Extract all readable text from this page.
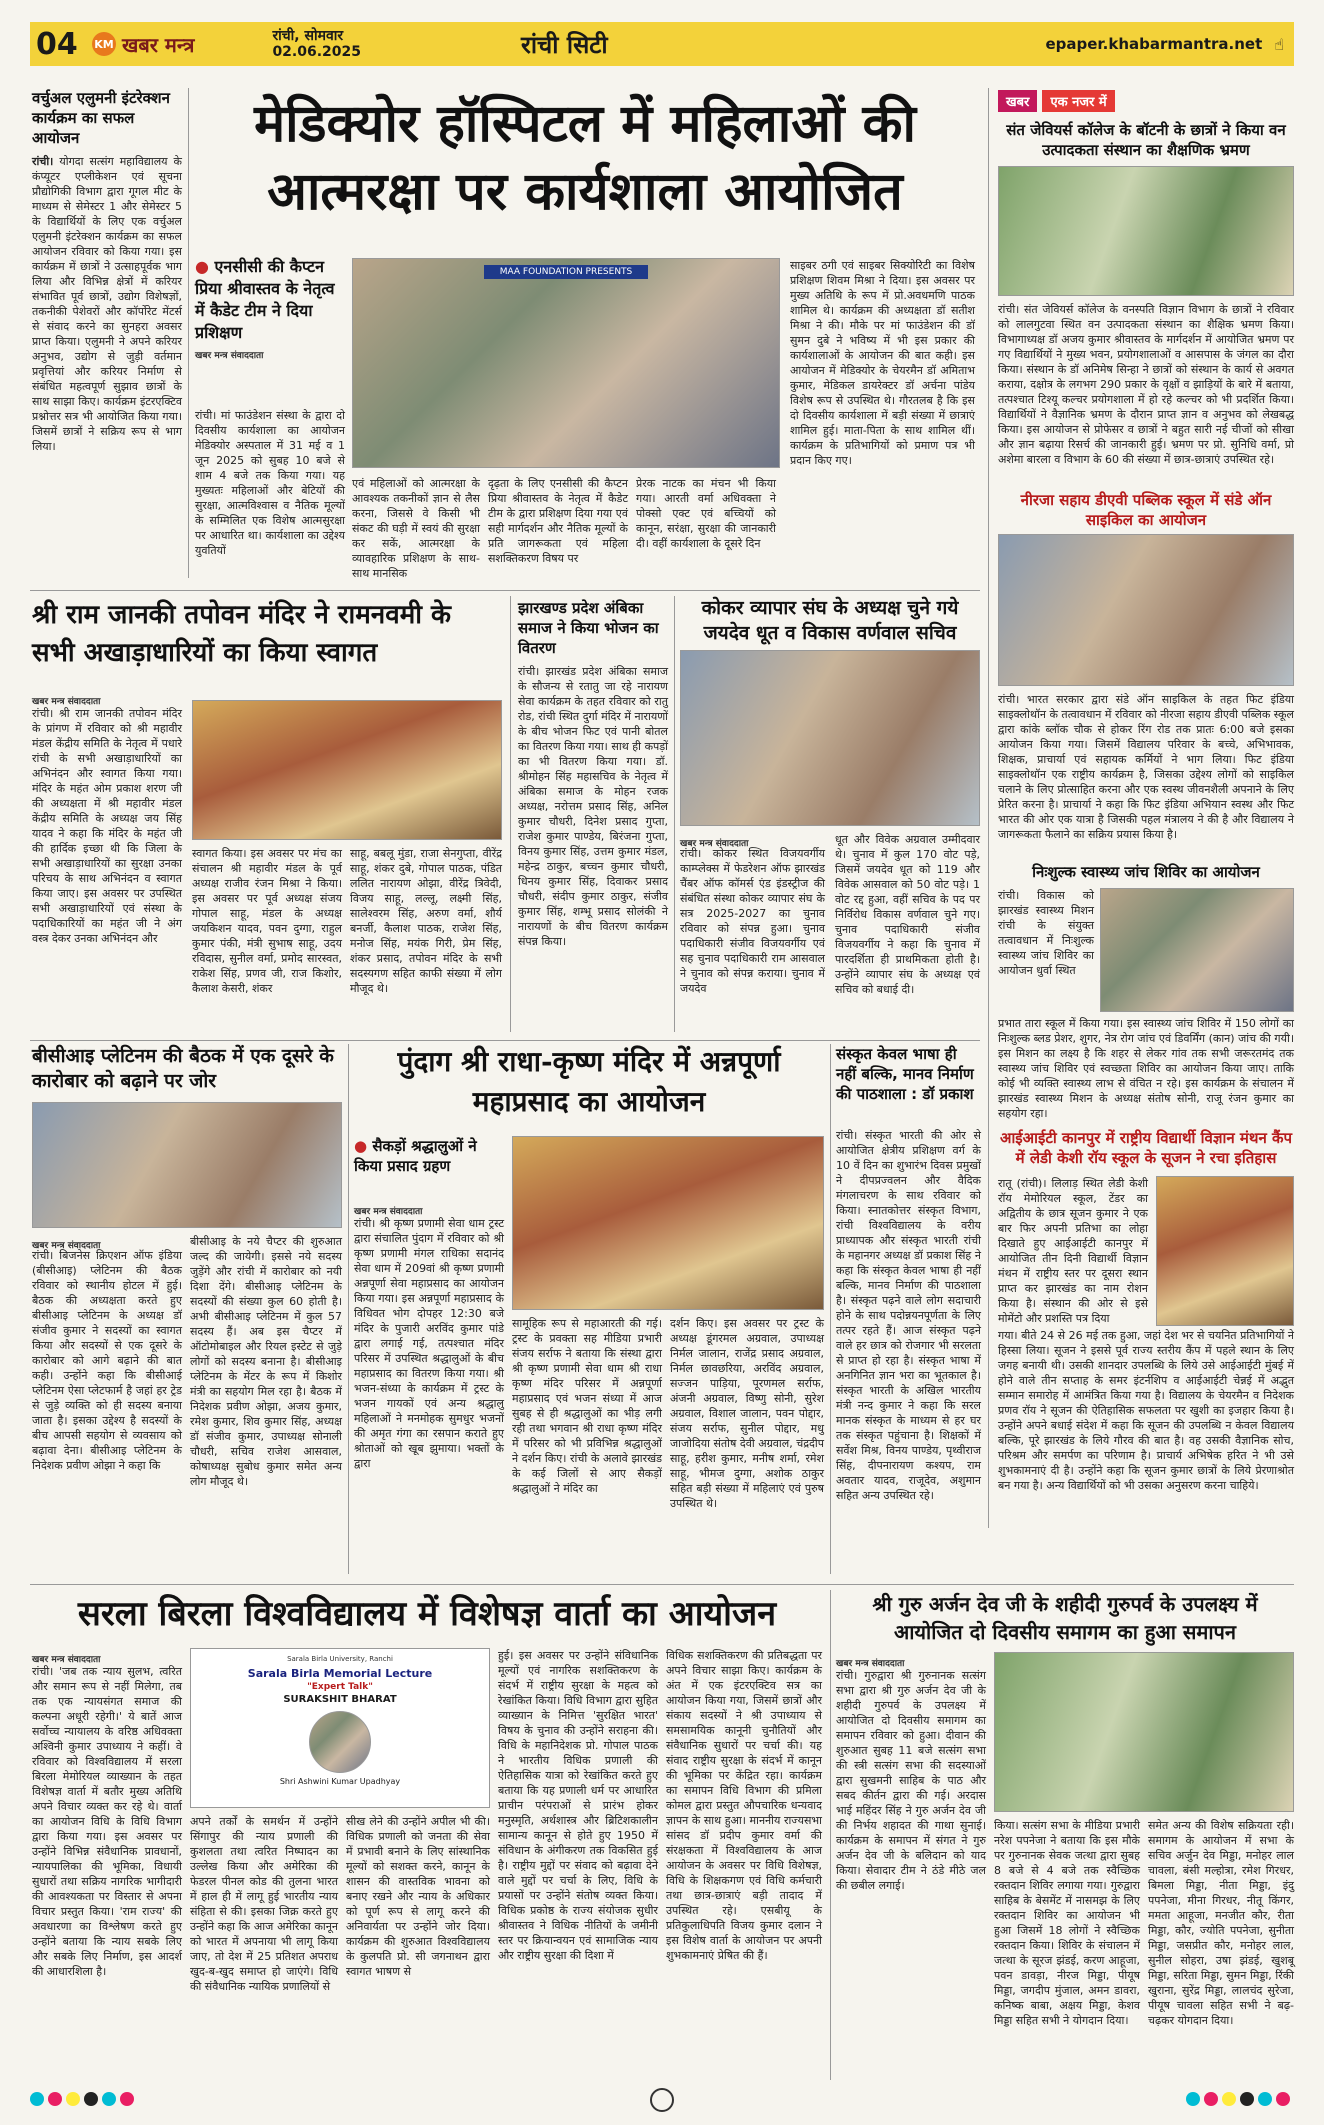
04	KM खबर मन्त्र	रांची, सोमवार
02.06.2025	रांची सिटी	epaper.khabarmantra.net ☝
वर्चुअल एलुमनी इंटरेक्शन कार्यक्रम का सफल आयोजन
रांची। योगदा सत्संग महाविद्यालय के कंप्यूटर एप्लीकेशन एवं सूचना प्रौद्योगिकी विभाग द्वारा गूगल मीट के माध्यम से सेमेस्टर 1 और सेमेस्टर 5 के विद्यार्थियों के लिए एक वर्चुअल एलुमनी इंटरेक्शन कार्यक्रम का सफल आयोजन रविवार को किया गया। इस कार्यक्रम में छात्रों ने उत्साहपूर्वक भाग लिया और विभिन्न क्षेत्रों में करियर संभावित पूर्व छात्रों, उद्योग विशेषज्ञों, तकनीकी पेशेवरों और कॉर्पोरेट मेंटर्स से संवाद करने का सुनहरा अवसर प्राप्त किया। एलुमनी ने अपने करियर अनुभव, उद्योग से जुड़ी वर्तमान प्रवृत्तियां और करियर निर्माण से संबंधित महत्वपूर्ण सुझाव छात्रों के साथ साझा किए। कार्यक्रम इंटरएक्टिव प्रश्नोत्तर सत्र भी आयोजित किया गया। जिसमें छात्रों ने सक्रिय रूप से भाग लिया।
मेडिक्योर हॉस्पिटल में महिलाओं की आत्मरक्षा पर कार्यशाला आयोजित
● एनसीसी की कैप्टन प्रिया श्रीवास्तव के नेतृत्व में कैडेट टीम ने दिया प्रशिक्षण
खबर मन्त्र संवाददाता
MAA FOUNDATION PRESENTS
रांची। मां फाउंडेशन संस्था के द्वारा दो दिवसीय कार्यशाला का आयोजन मेडिक्योर अस्पताल में 31 मई व 1 जून 2025 को सुबह 10 बजे से शाम 4 बजे तक किया गया। यह मुख्यतः महिलाओं और बेटियों की सुरक्षा, आत्मविश्वास व नैतिक मूल्यों के सम्मिलित एक विशेष आत्मसुरक्षा पर आधारित था। कार्यशाला का उद्देश्य युवतियों
एवं महिलाओं को आत्मरक्षा के आवश्यक तकनीकों ज्ञान से लैस करना, जिससे वे किसी भी संकट की घड़ी में स्वयं की सुरक्षा कर सकें, आत्मरक्षा के व्यावहारिक प्रशिक्षण के साथ-साथ मानसिक
दृढ़ता के लिए एनसीसी की कैप्टन प्रिया श्रीवास्तव के नेतृत्व में कैडेट टीम के द्वारा प्रशिक्षण दिया गया एवं सही मार्गदर्शन और नैतिक मूल्यों के प्रति जागरूकता एवं महिला सशक्तिकरण विषय पर
प्रेरक नाटक का मंचन भी किया गया। आरती वर्मा अधिवक्ता ने पोक्सो एक्ट एवं बच्चियों को कानून, सरंक्षा, सुरक्षा की जानकारी दी। वहीं कार्यशाला के दूसरे दिन
साइबर ठगी एवं साइबर सिक्योरिटी का विशेष प्रशिक्षण शिवम मिश्रा ने दिया। इस अवसर पर मुख्य अतिथि के रूप में प्रो.अवधमणि पाठक शामिल थे। कार्यक्रम की अध्यक्षता डॉ सतीश मिश्रा ने की। मौके पर मां फाउंडेशन की डॉ सुमन दुबे ने भविष्य में भी इस प्रकार की कार्यशालाओं के आयोजन की बात कही। इस आयोजन में मेडिक्योर के चेयरमैन डॉ अमिताभ कुमार, मेडिकल डायरेक्टर डॉ अर्चना पांडेय विशेष रूप से उपस्थित थे। गौरतलब है कि इस दो दिवसीय कार्यशाला में बड़ी संख्या में छात्राएं शामिल हुई। माता-पिता के साथ शामिल थीं। कार्यक्रम के प्रतिभागियों को प्रमाण पत्र भी प्रदान किए गए।
खबर एक नजर में
संत जेवियर्स कॉलेज के बॉटनी के छात्रों ने किया वन उत्पादकता संस्थान का शैक्षणिक भ्रमण
रांची। संत जेवियर्स कॉलेज के वनस्पति विज्ञान विभाग के छात्रों ने रविवार को लालगुटवा स्थित वन उत्पादकता संस्थान का शैक्षिक भ्रमण किया। विभागाध्यक्ष डॉ अजय कुमार श्रीवास्तव के मार्गदर्शन में आयोजित भ्रमण पर गए विद्यार्थियों ने मुख्य भवन, प्रयोगशालाओं व आसपास के जंगल का दौरा किया। संस्थान के डॉ अनिमेष सिन्हा ने छात्रों को संस्थान के कार्य से अवगत कराया, दक्षोत्र के लगभग 290 प्रकार के वृक्षों व झाड़ियों के बारे में बताया, तत्पश्चात टिश्यू कल्चर प्रयोगशाला में हो रहे कल्चर को भी प्रदर्शित किया। विद्यार्थियों ने वैज्ञानिक भ्रमण के दौरान प्राप्त ज्ञान व अनुभव को लेखबद्ध किया। इस आयोजन से प्रोफेसर व छात्रों ने बहुत सारी नई चीजों को सीखा और ज्ञान बढ़ाया रिसर्च की जानकारी हुई। भ्रमण पर प्रो. सुनिधि वर्मा, प्रो अशेमा बारला व विभाग के 60 की संख्या में छात्र-छात्राएं उपस्थित रहे।
नीरजा सहाय डीएवी पब्लिक स्कूल में संडे ऑन साइकिल का आयोजन
रांची। भारत सरकार द्वारा संडे ऑन साइकिल के तहत फिट इंडिया साइक्लोथॉन के तत्वावधान में रविवार को नीरजा सहाय डीएवी पब्लिक स्कूल द्वारा कांके ब्लॉक चौक से होकर रिंग रोड तक प्रातः 6:00 बजे इसका आयोजन किया गया। जिसमें विद्यालय परिवार के बच्चे, अभिभावक, शिक्षक, प्राचार्या एवं सहायक कर्मियों ने भाग लिया। फिट इंडिया साइक्लोथॉन एक राष्ट्रीय कार्यक्रम है, जिसका उद्देश्य लोगों को साइकिल चलाने के लिए प्रोत्साहित करना और एक स्वस्थ जीवनशैली अपनाने के लिए प्रेरित करना है। प्राचार्या ने कहा कि फिट इंडिया अभियान स्वस्थ और फिट भारत की ओर एक यात्रा है जिसकी पहल मंत्रालय ने की है और विद्यालय ने जागरूकता फैलाने का सक्रिय प्रयास किया है।
निःशुल्क स्वास्थ्य जांच शिविर का आयोजन
रांची। विकास को झारखंड स्वास्थ्य मिशन रांची के संयुक्त तत्वावधान में निःशुल्क स्वास्थ्य जांच शिविर का आयोजन धुर्वा स्थित
प्रभात तारा स्कूल में किया गया। इस स्वास्थ्य जांच शिविर में 150 लोगों का निःशुल्क ब्लड प्रेशर, शुगर, नेत्र रोग जांच एवं डिवर्मिंग (कान) जांच की गयी। इस मिशन का लक्ष्य है कि शहर से लेकर गांव तक सभी जरूरतमंद तक स्वास्थ्य जांच शिविर एवं स्वच्छता शिविर का आयोजन किया जाए। ताकि कोई भी व्यक्ति स्वास्थ्य लाभ से वंचित न रहे। इस कार्यक्रम के संचालन में झारखंड स्वास्थ्य मिशन के अध्यक्ष संतोष सोनी, राजू रंजन कुमार का सहयोग रहा।
आईआईटी कानपुर में राष्ट्रीय विद्यार्थी विज्ञान मंथन कैंप में लेडी केशी रॉय स्कूल के सूजन ने रचा इतिहास
रातू (रांची)। लिलाड़ स्थित लेडी केशी रॉय मेमोरियल स्कूल, टेंडर का अद्वितीय के छात्र सूजन कुमार ने एक बार फिर अपनी प्रतिभा का लोहा दिखाते हुए आईआईटी कानपुर में आयोजित तीन दिनी विद्यार्थी विज्ञान मंथन में राष्ट्रीय स्तर पर दूसरा स्थान प्राप्त कर झारखंड का नाम रोशन किया है। संस्थान की ओर से इसे मोमेंटो और प्रशस्ति पत्र दिया
गया। बीते 24 से 26 मई तक हुआ, जहां देश भर से चयनित प्रतिभागियों ने हिस्सा लिया। सूजन ने इससे पूर्व राज्य स्तरीय कैंप में पहले स्थान के लिए जगह बनायी थी। उसकी शानदार उपलब्धि के लिये उसे आईआईटी मुंबई में होने वाले तीन सप्ताह के समर इंटर्नशिप व आईआईटी चेन्नई में अद्भुत सम्मान समारोह में आमंत्रित किया गया है। विद्यालय के चेयरमैन व निदेशक प्रणव रॉय ने सूजन की ऐतिहासिक सफलता पर खुशी का इजहार किया है। उन्होंने अपने बधाई संदेश में कहा कि सूजन की उपलब्धि न केवल विद्यालय बल्कि, पूरे झारखंड के लिये गौरव की बात है। वह उसकी वैज्ञानिक सोच, परिश्रम और समर्पण का परिणाम है। प्राचार्य अभिषेक हरित ने भी उसे शुभकामनाएं दी है। उन्होंने कहा कि सूजन कुमार छात्रों के लिये प्रेरणाश्रोत बन गया है। अन्य विद्यार्थियों को भी उसका अनुसरण करना चाहिये।
श्री राम जानकी तपोवन मंदिर ने रामनवमी के सभी अखाड़ाधारियों का किया स्वागत
खबर मन्त्र संवाददाता
रांची। श्री राम जानकी तपोवन मंदिर के प्रांगण में रविवार को श्री महावीर मंडल केंद्रीय समिति के नेतृत्व में पधारे रांची के सभी अखाड़ाधारियों का अभिनंदन और स्वागत किया गया। मंदिर के महंत ओम प्रकाश शरण जी की अध्यक्षता में श्री महावीर मंडल केंद्रीय समिति के अध्यक्ष जय सिंह यादव ने कहा कि मंदिर के महंत जी की हार्दिक इच्छा थी कि जिला के सभी अखाड़ाधारियों का सुरक्षा उनका परिचय के साथ अभिनंदन व स्वागत किया जाए। इस अवसर पर उपस्थित सभी अखाड़ाधारियों एवं संस्था के पदाधिकारियों का महंत जी ने अंग वस्त्र देकर उनका अभिनंदन और
स्वागत किया। इस अवसर पर मंच का संचालन श्री महावीर मंडल के पूर्व अध्यक्ष राजीव रंजन मिश्रा ने किया। इस अवसर पर पूर्व अध्यक्ष संजय गोपाल साहू, मंडल के अध्यक्ष जयकिशन यादव, पवन दुग्गा, राहुल कुमार पंकी, मंत्री सुभाष साहू, उदय रविदास, सुनील वर्मा, प्रमोद सारस्वत, राकेश सिंह, प्रणव जी, राज किशोर, कैलाश केसरी, शंकर
साहू, बबलू मुंडा, राजा सेनगुप्ता, वीरेंद्र साहू, शंकर दुबे, गोपाल पाठक, पंडित ललित नारायण ओझा, वीरेंद्र त्रिवेदी, विजय साहू, लल्लू, लक्ष्मी सिंह, सालेश्वरम सिंह, अरुण वर्मा, शौर्य बनर्जी, कैलाश पाठक, राजेश सिंह, मनोज सिंह, मयंक गिरी, प्रेम सिंह, शंकर प्रसाद, तपोवन मंदिर के सभी सदस्यगण सहित काफी संख्या में लोग मौजूद थे।
झारखण्ड प्रदेश अंबिका समाज ने किया भोजन का वितरण
रांची। झारखंड प्रदेश अंबिका समाज के सौजन्य से रतातु जा रहे नारायण सेवा कार्यक्रम के तहत रविवार को रातु रोड, रांची स्थित दुर्गा मंदिर में नारायणों के बीच भोजन फिट एवं पानी बोतल का वितरण किया गया। साथ ही कपड़ों का भी वितरण किया गया। डॉ. श्रीमोहन सिंह महासचिव के नेतृत्व में अंबिका समाज के मोहन रजक अध्यक्ष, नरोत्तम प्रसाद सिंह, अनिल कुमार चौधरी, दिनेश प्रसाद गुप्ता, राजेश कुमार पाण्डेय, बिरंजना गुप्ता, विनय कुमार सिंह, उत्तम कुमार मंडल, महेन्द्र ठाकुर, बच्चन कुमार चौधरी, धिनय कुमार सिंह, दिवाकर प्रसाद चौधरी, संदीप कुमार ठाकुर, संजीव कुमार सिंह, शम्भू प्रसाद सोलंकी ने नारायणों के बीच वितरण कार्यक्रम संपन्न किया।
कोकर व्यापार संघ के अध्यक्ष चुने गये जयदेव धूत व विकास वर्णवाल सचिव
खबर मन्त्र संवाददाता
रांची। कोकर स्थित विजयवर्गीय काम्प्लेक्स में फेडरेशन ऑफ झारखंड चैंबर ऑफ कॉमर्स एंड इंडस्ट्रीज की संबंधित संस्था कोकर व्यापार संघ के सत्र 2025-2027 का चुनाव रविवार को संपन्न हुआ। चुनाव पदाधिकारी संजीव विजयवर्गीय एवं सह चुनाव पदाधिकारी राम आसवाल ने चुनाव को संपन्न कराया। चुनाव में जयदेव
धूत और विवेक अग्रवाल उम्मीदवार थे। चुनाव में कुल 170 वोट पड़े, जिसमें जयदेव धूत को 119 और विवेक आसवाल को 50 वोट पड़े। 1 वोट रद्द हुआ, वहीं सचिव के पद पर निर्विरोध विकास वर्णवाल चुने गए। चुनाव पदाधिकारी संजीव विजयवर्गीय ने कहा कि चुनाव में पारदर्शिता ही प्राथमिकता होती है। उन्होंने व्यापार संघ के अध्यक्ष एवं सचिव को बधाई दी।
बीसीआइ प्लेटिनम की बैठक में एक दूसरे के कारोबार को बढ़ाने पर जोर
खबर मन्त्र संवाददाता
रांची। बिजनेस क्रिएशन ऑफ इंडिया (बीसीआइ) प्लेटिनम की बैठक रविवार को स्थानीय होटल में हुई। बैठक की अध्यक्षता करते हुए बीसीआइ प्लेटिनम के अध्यक्ष डॉ संजीव कुमार ने सदस्यों का स्वागत किया और सदस्यों से एक दूसरे के कारोबार को आगे बढ़ाने की बात कही। उन्होंने कहा कि बीसीआई प्लेटिनम ऐसा प्लेटफार्म है जहां हर ट्रेड से जुड़े व्यक्ति को ही सदस्य बनाया जाता है। इसका उद्देश्य है सदस्यों के बीच आपसी सहयोग से व्यवसाय को बढ़ावा देना। बीसीआइ प्लेटिनम के निदेशक प्रवीण ओझा ने कहा कि
बीसीआइ के नये चैप्टर की शुरुआत जल्द की जायेगी। इससे नये सदस्य जुड़ेंगे और रांची में कारोबार को नयी दिशा देंगे। बीसीआइ प्लेटिनम के सदस्यों की संख्या कुल 60 होती है। अभी बीसीआइ प्लेटिनम में कुल 57 सदस्य हैं। अब इस चैप्टर में ऑटोमोबाइल और रियल इस्टेट से जुड़े लोगों को सदस्य बनाना है। बीसीआइ प्लेटिनम के मेंटर के रूप में किशोर मंत्री का सहयोग मिल रहा है। बैठक में निदेशक प्रवीण ओझा, अजय कुमार, रमेश कुमार, शिव कुमार सिंह, अध्यक्ष डॉ संजीव कुमार, उपाध्यक्ष सोनाली चौधरी, सचिव राजेश आसवाल, कोषाध्यक्ष सुबोध कुमार समेत अन्य लोग मौजूद थे।
पुंदाग श्री राधा-कृष्ण मंदिर में अन्नपूर्णा महाप्रसाद का आयोजन
● सैकड़ों श्रद्धालुओं ने किया प्रसाद ग्रहण
खबर मन्त्र संवाददाता
रांची। श्री कृष्ण प्रणामी सेवा धाम ट्रस्ट द्वारा संचालित पुंदाग में रविवार को श्री कृष्ण प्रणामी मंगल राधिका सदानंद सेवा धाम में 209वां श्री कृष्ण प्रणामी अन्नपूर्णा सेवा महाप्रसाद का आयोजन किया गया। इस अन्नपूर्णा महाप्रसाद के विधिवत भोग दोपहर 12:30 बजे मंदिर के पुजारी अरविंद कुमार पांडे द्वारा लगाई गई, तत्पश्चात मंदिर परिसर में उपस्थित श्रद्धालुओं के बीच महाप्रसाद का वितरण किया गया। श्री भजन-संध्या के कार्यक्रम में ट्रस्ट के भजन गायकों एवं अन्य श्रद्धालु महिलाओं ने मनमोहक सुमधुर भजनों की अमृत गंगा का रसपान कराते हुए श्रोताओं को खूब झुमाया। भक्तों के द्वारा
सामूहिक रूप से महाआरती की गई। ट्रस्ट के प्रवक्ता सह मीडिया प्रभारी संजय सर्राफ ने बताया कि संस्था द्वारा श्री कृष्ण प्रणामी सेवा धाम श्री राधा कृष्ण मंदिर परिसर में अन्नपूर्णा महाप्रसाद एवं भजन संध्या में आज सुबह से ही श्रद्धालुओं का भीड़ लगी रही तथा भगवान श्री राधा कृष्ण मंदिर में परिसर को भी प्रविभिन्न श्रद्धालुओं ने दर्शन किए। रांची के अलावे झारखंड के कई जिलों से आए सैकड़ों श्रद्धालुओं ने मंदिर का
दर्शन किए। इस अवसर पर ट्रस्ट के अध्यक्ष डूंगरमल अग्रवाल, उपाध्यक्ष निर्मल जालान, राजेंद्र प्रसाद अग्रवाल, निर्मल छावछरिया, अरविंद अग्रवाल, सज्जन पाड़िया, पूरणमल सर्राफ, अंजनी अग्रवाल, विष्णु सोनी, सुरेश अग्रवाल, विशाल जालान, पवन पोद्दार, संजय सर्राफ, सुनील पोद्दार, मधु जाजोदिया संतोष देवी अग्रवाल, चंद्रदीप साहू, हरीश कुमार, मनीष शर्मा, रमेश साहू, भीमज दुग्गा, अशोक ठाकुर सहित बड़ी संख्या में महिलाएं एवं पुरुष उपस्थित थे।
संस्कृत केवल भाषा ही नहीं बल्कि, मानव निर्माण की पाठशाला : डॉ प्रकाश
रांची। संस्कृत भारती की ओर से आयोजित क्षेत्रीय प्रशिक्षण वर्ग के 10 वें दिन का शुभारंभ दिवस प्रमुखों ने दीपप्रज्वलन और वैदिक मंगलाचरण के साथ रविवार को किया। स्नातकोत्तर संस्कृत विभाग, रांची विश्वविद्यालय के वरीय प्राध्यापक और संस्कृत भारती रांची के महानगर अध्यक्ष डॉ प्रकाश सिंह ने कहा कि संस्कृत केवल भाषा ही नहीं बल्कि, मानव निर्माण की पाठशाला है। संस्कृत पढ़ने वाले लोग सदाचारी होने के साथ पदोन्नयनपूर्णता के लिए तत्पर रहते हैं। आज संस्कृत पढ़ने वाले हर छात्र को रोजगार भी सरलता से प्राप्त हो रहा है। संस्कृत भाषा में अनगिनित ज्ञान भरा का भूतकाल है। संस्कृत भारती के अखिल भारतीय मंत्री नन्द कुमार ने कहा कि सरल मानक संस्कृत के माध्यम से हर घर तक संस्कृत पहुंचाना है। शिक्षकों में सर्वेश मिश्र, विनय पाण्डेय, पृथ्वीराज सिंह, दीपनारायण कश्यप, राम अवतार यादव, राजूदेव, अशुमान सहित अन्य उपस्थित रहे।
सरला बिरला विश्वविद्यालय में विशेषज्ञ वार्ता का आयोजन
खबर मन्त्र संवाददाता
रांची। 'जब तक न्याय सुलभ, त्वरित और समान रूप से नहीं मिलेगा, तब तक एक न्यायसंगत समाज की कल्पना अधूरी रहेगी।' ये बातें आज सर्वोच्च न्यायालय के वरिष्ठ अधिवक्ता अश्विनी कुमार उपाध्याय ने कहीं। वे रविवार को विश्वविद्यालय में सरला बिरला मेमोरियल व्याख्यान के तहत विशेषज्ञ वार्ता में बतौर मुख्य अतिथि अपने विचार व्यक्त कर रहे थे। वार्ता का आयोजन विधि के विधि विभाग द्वारा किया गया। इस अवसर पर उन्होंने विभिन्न संवैधानिक प्रावधानों, न्यायपालिका की भूमिका, विधायी सुधारों तथा सक्रिय नागरिक भागीदारी की आवश्यकता पर विस्तार से अपना विचार प्रस्तुत किया। 'राम राज्य' की अवधारणा का विश्लेषण करते हुए उन्होंने बताया कि न्याय सबके लिए और सबके लिए निर्माण, इस आदर्श की आधारशिला है।
Sarala Birla University, Ranchi
Sarala Birla Memorial Lecture
"Expert Talk"
SURAKSHIT BHARAT
Shri Ashwini Kumar Upadhyay
अपने तर्कों के समर्थन में उन्होंने सिंगापुर की न्याय प्रणाली की कुशलता तथा त्वरित निष्पादन का उल्लेख किया और अमेरिका की फेडरल पीनल कोड की तुलना भारत में हाल ही में लागू हुई भारतीय न्याय संहिता से की। इसका जिक्र करते हुए उन्होंने कहा कि आज अमेरिका कानून को भारत में अपनाया भी लागू किया जाए, तो देश में 25 प्रतिशत अपराध खुद-ब-खुद समाप्त हो जाएंगे। विधि की संवैधानिक न्यायिक प्रणालियों से
सीख लेने की उन्होंने अपील भी की। विधिक प्रणाली को जनता की सेवा में प्रभावी बनाने के लिए सांस्थानिक मूल्यों को सशक्त करने, कानून के शासन की वास्तविक भावना को बनाए रखने और न्याय के अधिकार को पूर्ण रूप से लागू करने की अनिवार्यता पर उन्होंने जोर दिया। कार्यक्रम की शुरुआत विश्वविद्यालय के कुलपति प्रो. सी जगनाथन द्वारा स्वागत भाषण से
हुई। इस अवसर पर उन्होंने संविधानिक मूल्यों एवं नागरिक सशक्तिकरण के संदर्भ में राष्ट्रीय सुरक्षा के महत्व को रेखांकित किया। विधि विभाग द्वारा सुहित व्याख्यान के निमित्त 'सुरक्षित भारत' विषय के चुनाव की उन्होंने सराहना की। विधि के महानिदेशक प्रो. गोपाल पाठक ने भारतीय विधिक प्रणाली की ऐतिहासिक यात्रा को रेखांकित करते हुए बताया कि यह प्रणाली धर्म पर आधारित प्राचीन परंपराओं से प्रारंभ होकर मनुस्मृति, अर्थशास्त्र और ब्रिटिशकालीन सामान्य कानून से होते हुए 1950 में संविधान के अंगीकरण तक विकसित हुई है। राष्ट्रीय मुद्दों पर संवाद को बढ़ावा देने वाले मुद्दों पर चर्चा के लिए, विधि के प्रयासों पर उन्होंने संतोष व्यक्त किया। विधिक प्रकोष्ठ के राज्य संयोजक सुधीर श्रीवास्तव ने विधिक नीतियों के जमीनी स्तर पर क्रियान्वयन एवं सामाजिक न्याय और राष्ट्रीय सुरक्षा की दिशा में
विधिक सशक्तिकरण की प्रतिबद्धता पर अपने विचार साझा किए। कार्यक्रम के अंत में एक इंटरएक्टिव सत्र का आयोजन किया गया, जिसमें छात्रों और संकाय सदस्यों ने श्री उपाध्याय से समसामयिक कानूनी चुनौतियों और संवैधानिक सुधारों पर चर्चा की। यह संवाद राष्ट्रीय सुरक्षा के संदर्भ में कानून की भूमिका पर केंद्रित रहा। कार्यक्रम का समापन विधि विभाग की प्रमिला कोमल द्वारा प्रस्तुत औपचारिक धन्यवाद ज्ञापन के साथ हुआ। माननीय राज्यसभा सांसद डॉ प्रदीप कुमार वर्मा की संरक्षकता में विश्वविद्यालय के आज आयोजन के अवसर पर विधि विशेषज्ञ, विधि के शिक्षकगण एवं विधि कर्मचारी तथा छात्र-छात्राएं बड़ी तादाद में उपस्थित रहे। एसबीयू के प्रतिकुलाधिपति विजय कुमार दलान ने इस विशेष वार्ता के आयोजन पर अपनी शुभकामनाएं प्रेषित की हैं।
श्री गुरु अर्जन देव जी के शहीदी गुरुपर्व के उपलक्ष्य में आयोजित दो दिवसीय समागम का हुआ समापन
खबर मन्त्र संवाददाता
रांची। गुरुद्वारा श्री गुरुनानक सत्संग सभा द्वारा श्री गुरु अर्जन देव जी के शहीदी गुरुपर्व के उपलक्ष्य में आयोजित दो दिवसीय समागम का समापन रविवार को हुआ। दीवान की शुरुआत सुबह 11 बजे सत्संग सभा की स्त्री सत्संग सभा की सदस्याओं द्वारा सुखमनी साहिब के पाठ और सबद कीर्तन द्वारा की गई। अरदास भाई महिंदर सिंह ने गुरु अर्जन देव जी की निर्भय शहादत की गाथा सुनाई। कार्यक्रम के समापन में संगत ने गुरु अर्जन देव जी के बलिदान को याद किया। सेवादार टीम ने ठंडे मीठे जल की छबील लगाई।
किया। सत्संग सभा के मीडिया प्रभारी नरेश पपनेजा ने बताया कि इस मौके पर गुरुनानक सेवक जत्था द्वारा सुबह 8 बजे से 4 बजे तक स्वैच्छिक रक्तदान शिविर लगाया गया। गुरुद्वारा साहिब के बेसमेंट में नासमझ के लिए रक्तदान शिविर का आयोजन भी हुआ जिसमें 18 लोगों ने स्वैच्छिक रक्तदान किया। शिविर के संचालन में जत्था के सूरज झंडई, करण आहूजा, पवन डावड़ा, नीरज मिड्डा, पीयूष मिड्डा, जगदीप मुंजाल, अमन डावरा, कनिष्क बाबा, अक्षय मिड्डा, केशव मिड्डा सहित सभी ने योगदान दिया।
समेत अन्य की विशेष सक्रियता रही। समागम के आयोजन में सभा के सचिव अर्जुन देव मिड्डा, मनोहर लाल चावला, बंसी मल्होत्रा, रमेश गिरधर, बिमला मिड्डा, नीता मिड्डा, इंदु पपनेजा, मीना गिरधर, नीतू किंगर, ममता आहूजा, मनजीत कौर, रीता मिड्डा, कौर, ज्योति पपनेजा, सुनीता मिड्डा, जसप्रीत कौर, मनोहर लाल, सुनील सोहरा, उषा झंडई, खुशबू मिड्डा, सरिता मिड्डा, सुमन मिड्डा, रिंकी खुराना, सुरेंद्र मिड्डा, लालचंद सुरेजा, पीयूष चावला सहित सभी ने बढ़-चढ़कर योगदान दिया।
